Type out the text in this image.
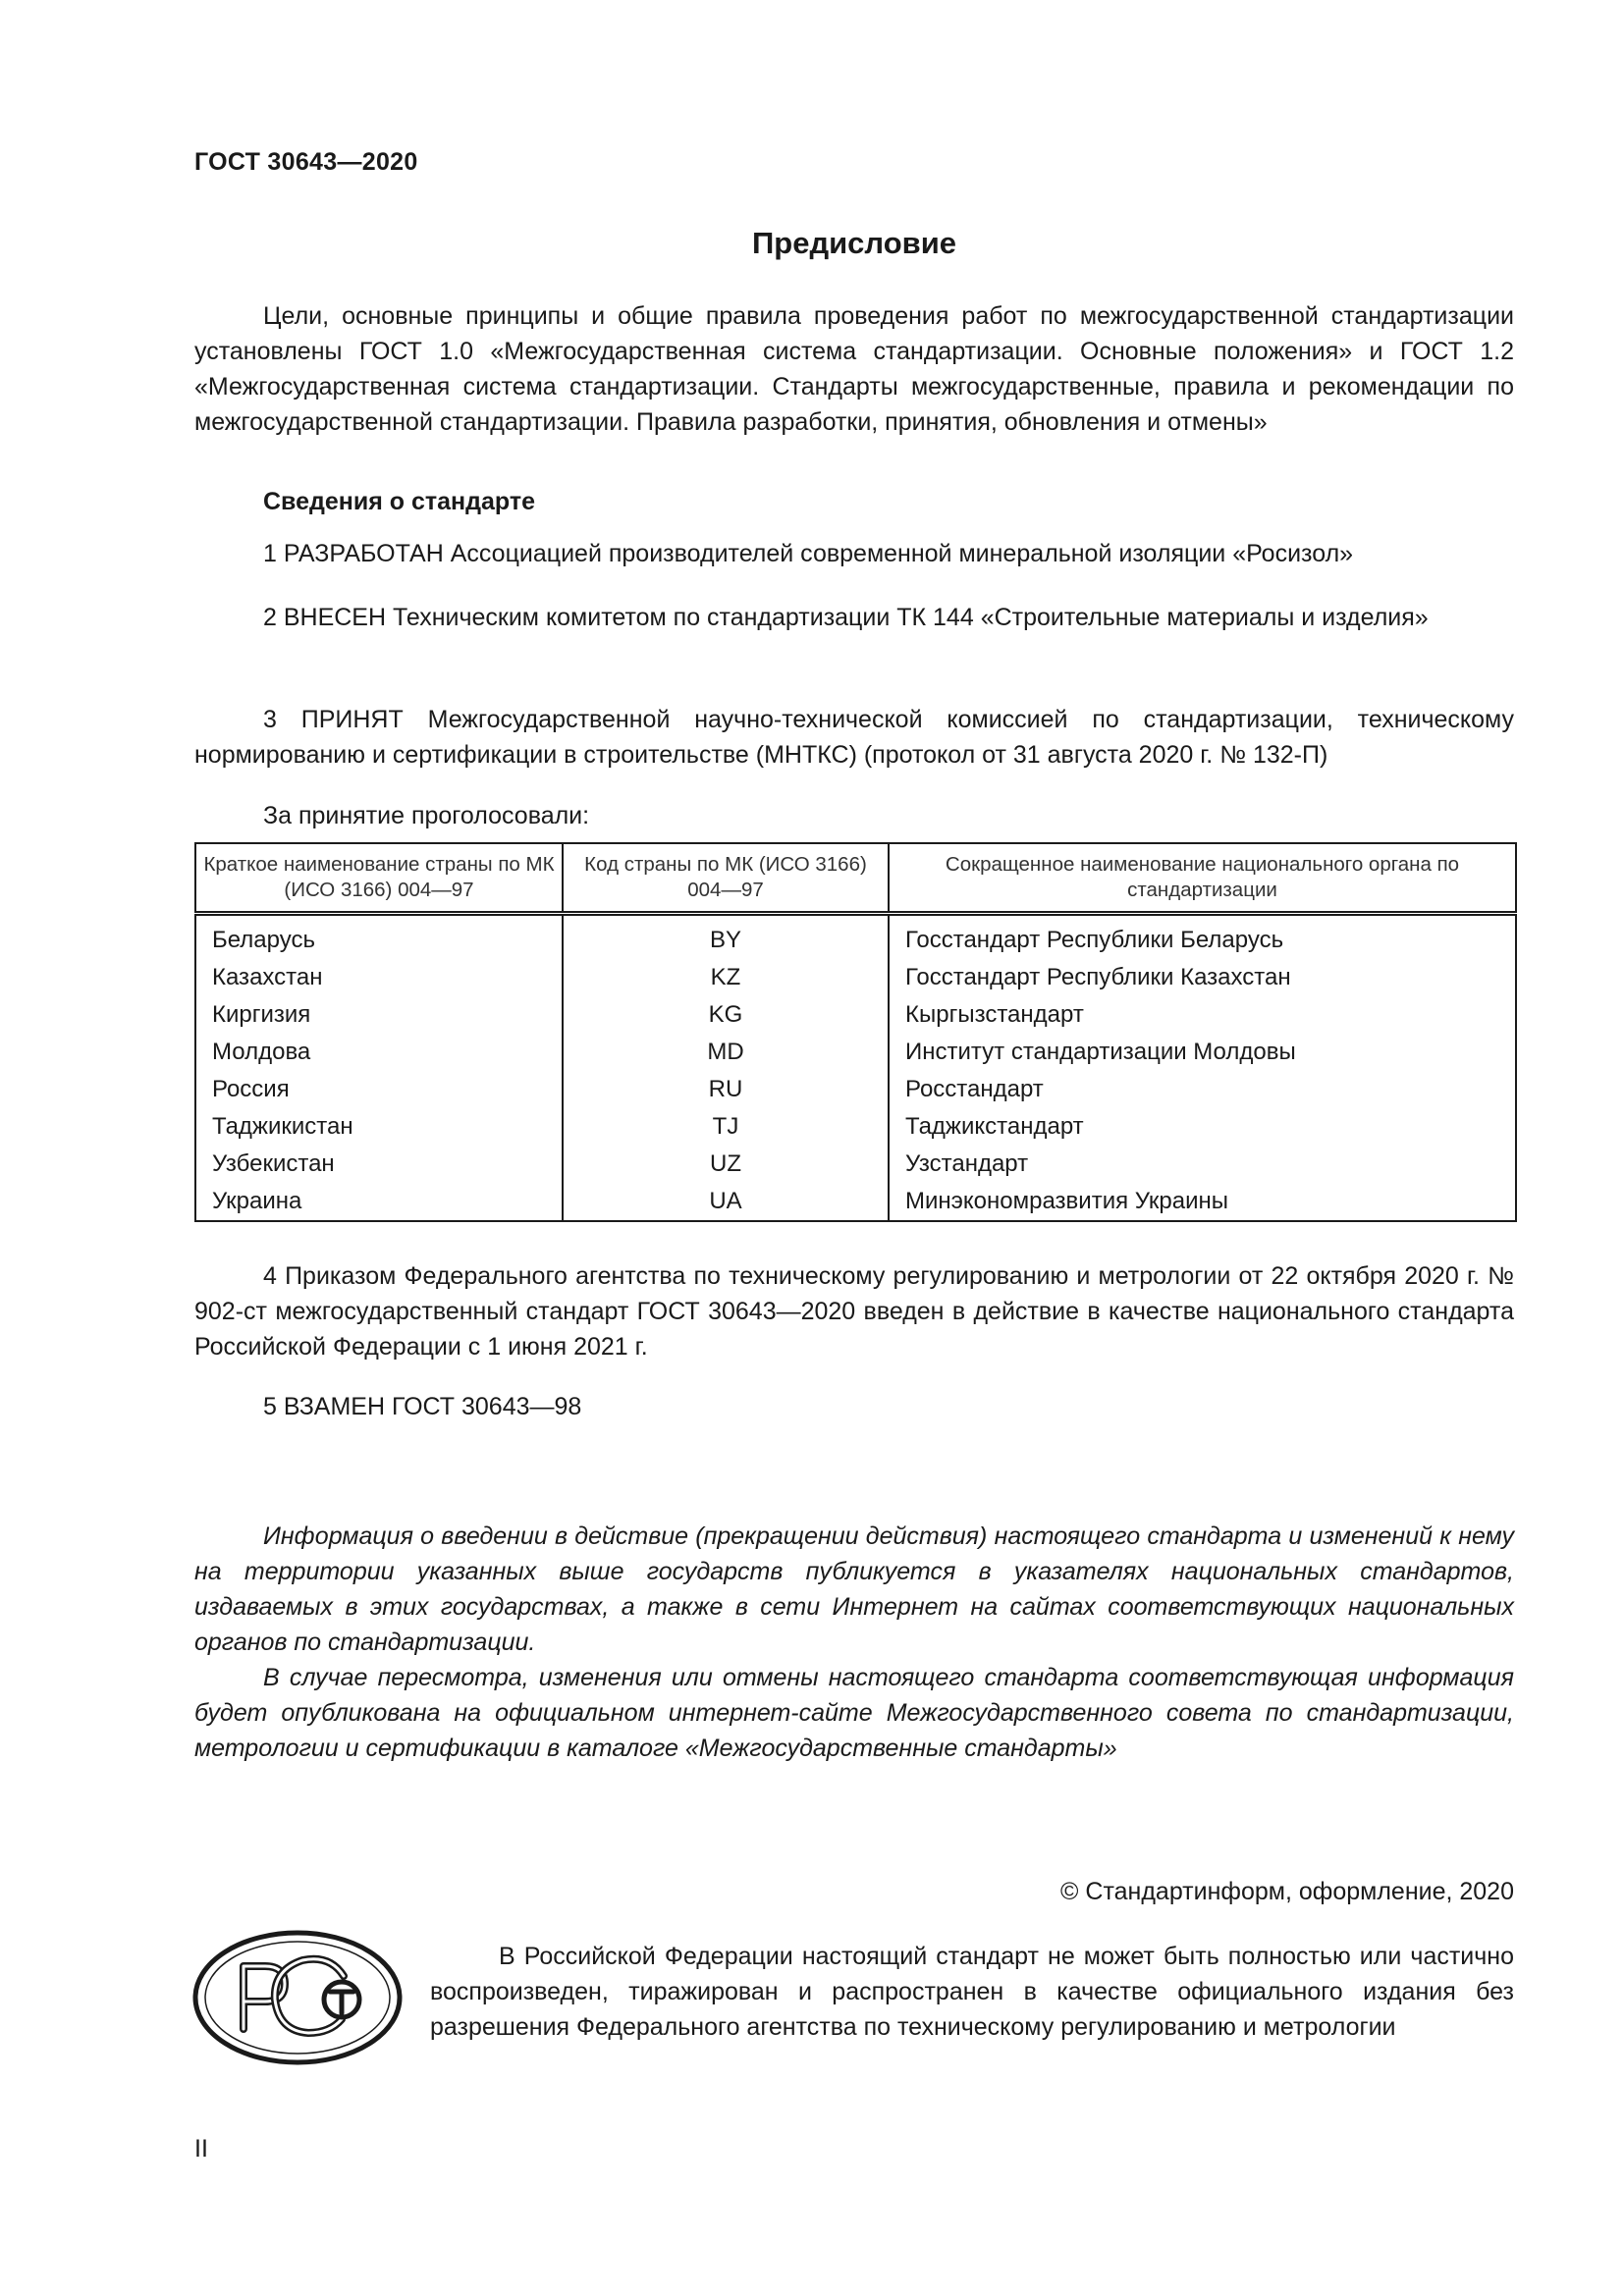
ГОСТ 30643—2020
Предисловие

Цели, основные принципы и общие правила проведения работ по межгосударственной стандартизации установлены ГОСТ 1.0 «Межгосударственная система стандартизации. Основные положения» и ГОСТ 1.2 «Межгосударственная система стандартизации. Стандарты межгосударственные, правила и рекомендации по межгосударственной стандартизации. Правила разработки, принятия, обновления и отмены»

Сведения о стандарте

1 РАЗРАБОТАН Ассоциацией производителей современной минеральной изоляции «Росизол»

2 ВНЕСЕН Техническим комитетом по стандартизации ТК 144 «Строительные материалы и изделия»

3 ПРИНЯТ Межгосударственной научно-технической комиссией по стандартизации, техническому нормированию и сертификации в строительстве (МНТКС) (протокол от 31 августа 2020 г. № 132-П)

За принятие проголосовали:
Краткое наименование страны по МК (ИСО 3166) 004—97	Код страны по МК (ИСО 3166) 004—97	Сокращенное наименование национального органа по стандартизации
Беларусь	BY	Госстандарт Республики Беларусь
Казахстан	KZ	Госстандарт Республики Казахстан
Киргизия	KG	Кыргызстандарт
Молдова	MD	Институт стандартизации Молдовы
Россия	RU	Росстандарт
Таджикистан	TJ	Таджикстандарт
Узбекистан	UZ	Узстандарт
Украина	UA	Минэкономразвития Украины

4 Приказом Федерального агентства по техническому регулированию и метрологии от 22 октября 2020 г. № 902-ст межгосударственный стандарт ГОСТ 30643—2020 введен в действие в качестве национального стандарта Российской Федерации с 1 июня 2021 г.

5 ВЗАМЕН ГОСТ 30643—98

Информация о введении в действие (прекращении действия) настоящего стандарта и изменений к нему на территории указанных выше государств публикуется в указателях национальных стандартов, издаваемых в этих государствах, а также в сети Интернет на сайтах соответствующих национальных органов по стандартизации.

В случае пересмотра, изменения или отмены настоящего стандарта соответствующая информация будет опубликована на официальном интернет-сайте Межгосударственного совета по стандартизации, метрологии и сертификации в каталоге «Межгосударственные стандарты»

© Стандартинформ, оформление, 2020

В Российской Федерации настоящий стандарт не может быть полностью или частично воспроизведен, тиражирован и распространен в качестве официального издания без разрешения Федерального агентства по техническому регулированию и метрологии

II
